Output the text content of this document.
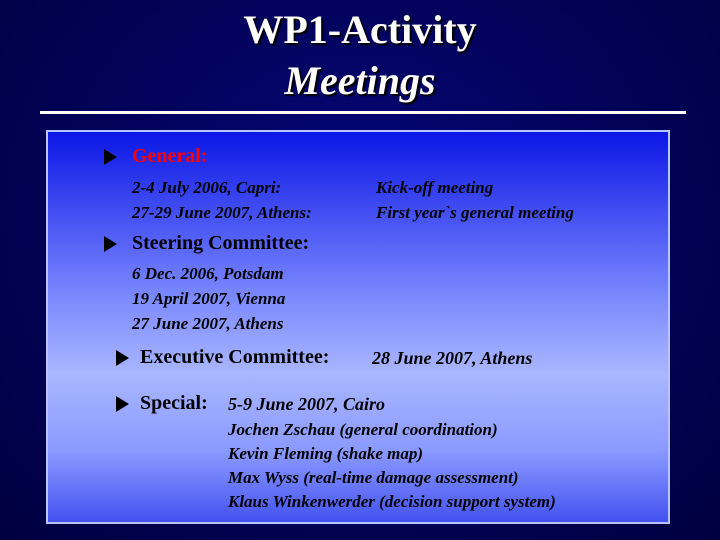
WP1-Activity
Meetings
General:
2-4 July 2006, Capri:	Kick-off meeting
27-29 June 2007, Athens:	First year`s general meeting
Steering Committee:
6 Dec. 2006, Potsdam
19 April 2007, Vienna
27 June 2007, Athens
Executive Committee: 28 June 2007, Athens
Special: 5-9 June 2007, Cairo
Jochen Zschau (general coordination)
Kevin Fleming (shake map)
Max Wyss (real-time damage assessment)
Klaus Winkenwerder (decision support system)
